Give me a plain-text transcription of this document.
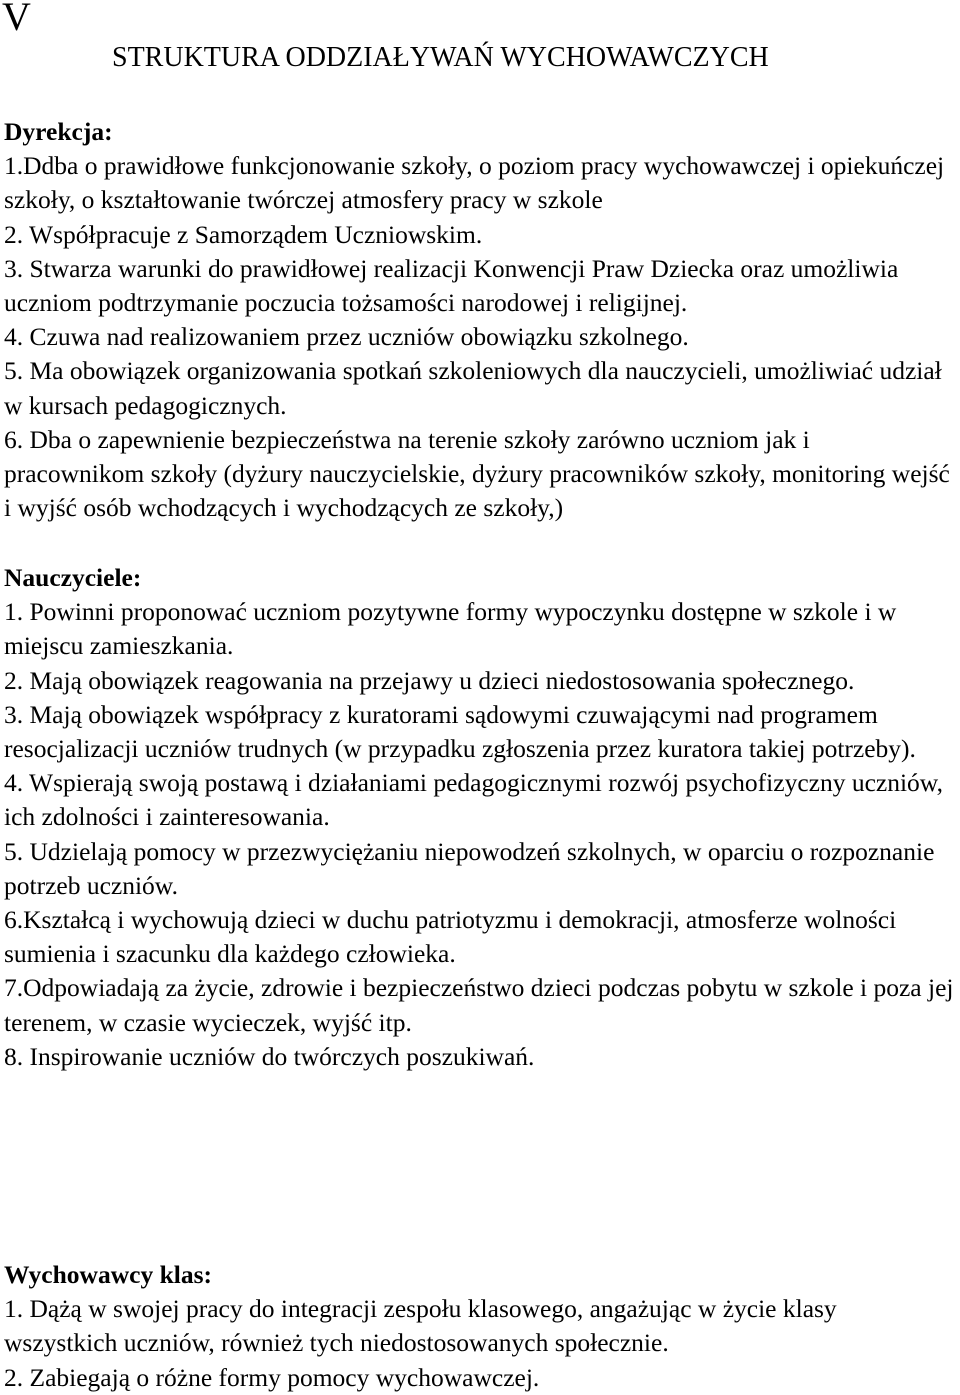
V
STRUKTURA ODDZIAŁYWAŃ WYCHOWAWCZYCH
Dyrekcja:

1.Ddba o prawidłowe funkcjonowanie szkoły, o poziom pracy wychowawczej i opiekuńczej szkoły, o kształtowanie twórczej atmosfery pracy w szkole

2. Współpracuje z Samorządem Uczniowskim.

3. Stwarza warunki do prawidłowej realizacji Konwencji Praw Dziecka oraz umożliwia uczniom podtrzymanie poczucia tożsamości narodowej i religijnej.

4. Czuwa nad realizowaniem przez uczniów obowiązku szkolnego.

5. Ma obowiązek organizowania spotkań szkoleniowych dla nauczycieli, umożliwiać udział w kursach pedagogicznych.

6. Dba o zapewnienie bezpieczeństwa na terenie szkoły zarówno uczniom jak i pracownikom szkoły (dyżury nauczycielskie, dyżury pracowników szkoły, monitoring wejść i wyjść osób wchodzących i wychodzących ze szkoły,)

Nauczyciele:

1. Powinni proponować uczniom pozytywne formy wypoczynku dostępne w szkole i w miejscu zamieszkania.

2. Mają obowiązek reagowania na przejawy u dzieci niedostosowania społecznego.

3. Mają obowiązek współpracy z kuratorami sądowymi czuwającymi nad programem resocjalizacji uczniów trudnych (w przypadku zgłoszenia przez kuratora takiej potrzeby).

4. Wspierają swoją postawą i działaniami pedagogicznymi rozwój psychofizyczny uczniów, ich zdolności i zainteresowania.

5. Udzielają pomocy w przezwyciężaniu niepowodzeń szkolnych, w oparciu o rozpoznanie potrzeb uczniów.

6.Kształcą i wychowują dzieci w duchu patriotyzmu i demokracji, atmosferze wolności sumienia i szacunku dla każdego człowieka.

7.Odpowiadają za życie, zdrowie i bezpieczeństwo dzieci podczas pobytu w szkole i poza jej terenem, w czasie wycieczek, wyjść itp.

8. Inspirowanie uczniów do twórczych poszukiwań.

Wychowawcy klas:

1. Dążą w swojej pracy do integracji zespołu klasowego, angażując w życie klasy wszystkich uczniów, również tych niedostosowanych społecznie.

2. Zabiegają o różne formy pomocy wychowawczej.
